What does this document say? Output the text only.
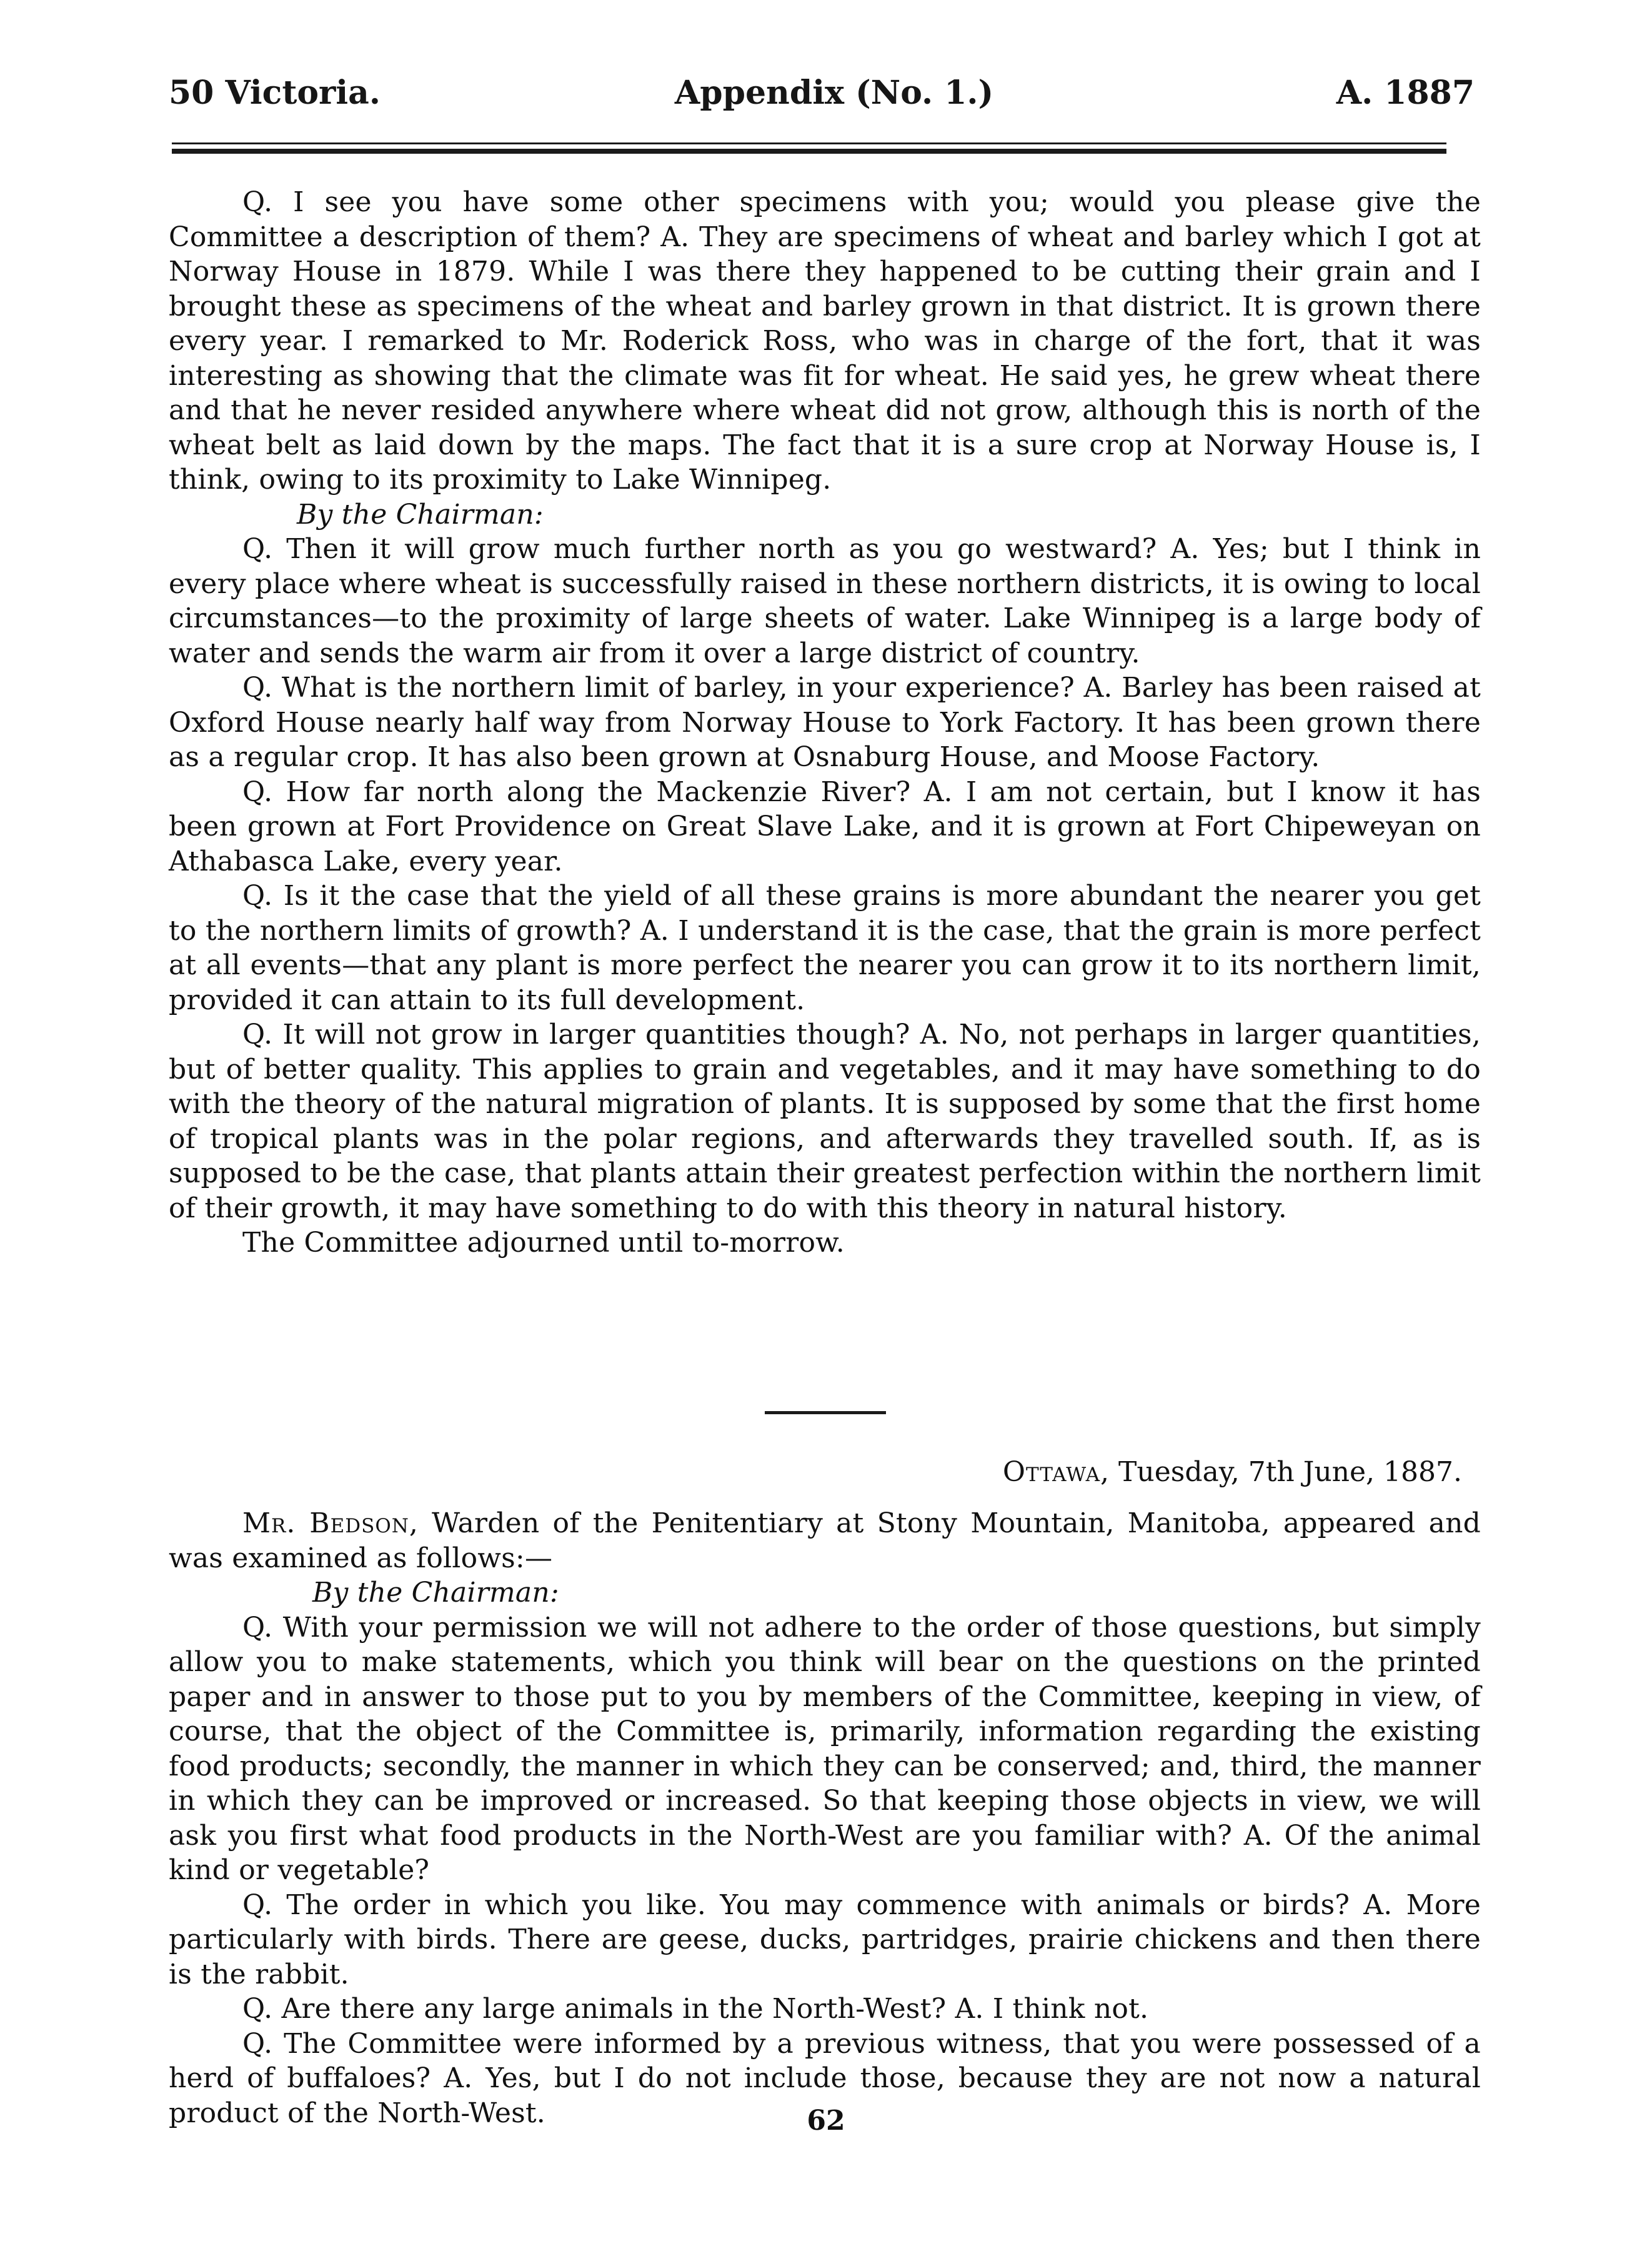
50 Victoria.	Appendix (No. 1.)	A. 1887

Q. I see you have some other specimens with you; would you please give the Committee a description of them? A. They are specimens of wheat and barley which I got at Norway House in 1879. While I was there they happened to be cutting their grain and I brought these as specimens of the wheat and barley grown in that district. It is grown there every year. I remarked to Mr. Roderick Ross, who was in charge of the fort, that it was interesting as showing that the climate was fit for wheat. He said yes, he grew wheat there and that he never resided anywhere where wheat did not grow, although this is north of the wheat belt as laid down by the maps. The fact that it is a sure crop at Norway House is, I think, owing to its proximity to Lake Winnipeg.

By the Chairman:

Q. Then it will grow much further north as you go westward? A. Yes; but I think in every place where wheat is successfully raised in these northern districts, it is owing to local circumstances—to the proximity of large sheets of water. Lake Winnipeg is a large body of water and sends the warm air from it over a large district of country.

Q. What is the northern limit of barley, in your experience? A. Barley has been raised at Oxford House nearly half way from Norway House to York Factory. It has been grown there as a regular crop. It has also been grown at Osnaburg House, and Moose Factory.

Q. How far north along the Mackenzie River? A. I am not certain, but I know it has been grown at Fort Providence on Great Slave Lake, and it is grown at Fort Chipeweyan on Athabasca Lake, every year.

Q. Is it the case that the yield of all these grains is more abundant the nearer you get to the northern limits of growth? A. I understand it is the case, that the grain is more perfect at all events—that any plant is more perfect the nearer you can grow it to its northern limit, provided it can attain to its full development.

Q. It will not grow in larger quantities though? A. No, not perhaps in larger quantities, but of better quality. This applies to grain and vegetables, and it may have something to do with the theory of the natural migration of plants. It is supposed by some that the first home of tropical plants was in the polar regions, and afterwards they travelled south. If, as is supposed to be the case, that plants attain their greatest perfection within the northern limit of their growth, it may have something to do with this theory in natural history.

The Committee adjourned until to-morrow.

Ottawa, Tuesday, 7th June, 1887.

Mr. Bedson, Warden of the Penitentiary at Stony Mountain, Manitoba, appeared and was examined as follows:—

By the Chairman:

Q. With your permission we will not adhere to the order of those questions, but simply allow you to make statements, which you think will bear on the questions on the printed paper and in answer to those put to you by members of the Committee, keeping in view, of course, that the object of the Committee is, primarily, information regarding the existing food products; secondly, the manner in which they can be conserved; and, third, the manner in which they can be improved or increased. So that keeping those objects in view, we will ask you first what food products in the North-West are you familiar with? A. Of the animal kind or vegetable?

Q. The order in which you like. You may commence with animals or birds? A. More particularly with birds. There are geese, ducks, partridges, prairie chickens and then there is the rabbit.

Q. Are there any large animals in the North-West? A. I think not.

Q. The Committee were informed by a previous witness, that you were possessed of a herd of buffaloes? A. Yes, but I do not include those, because they are not now a natural product of the North-West.	62
